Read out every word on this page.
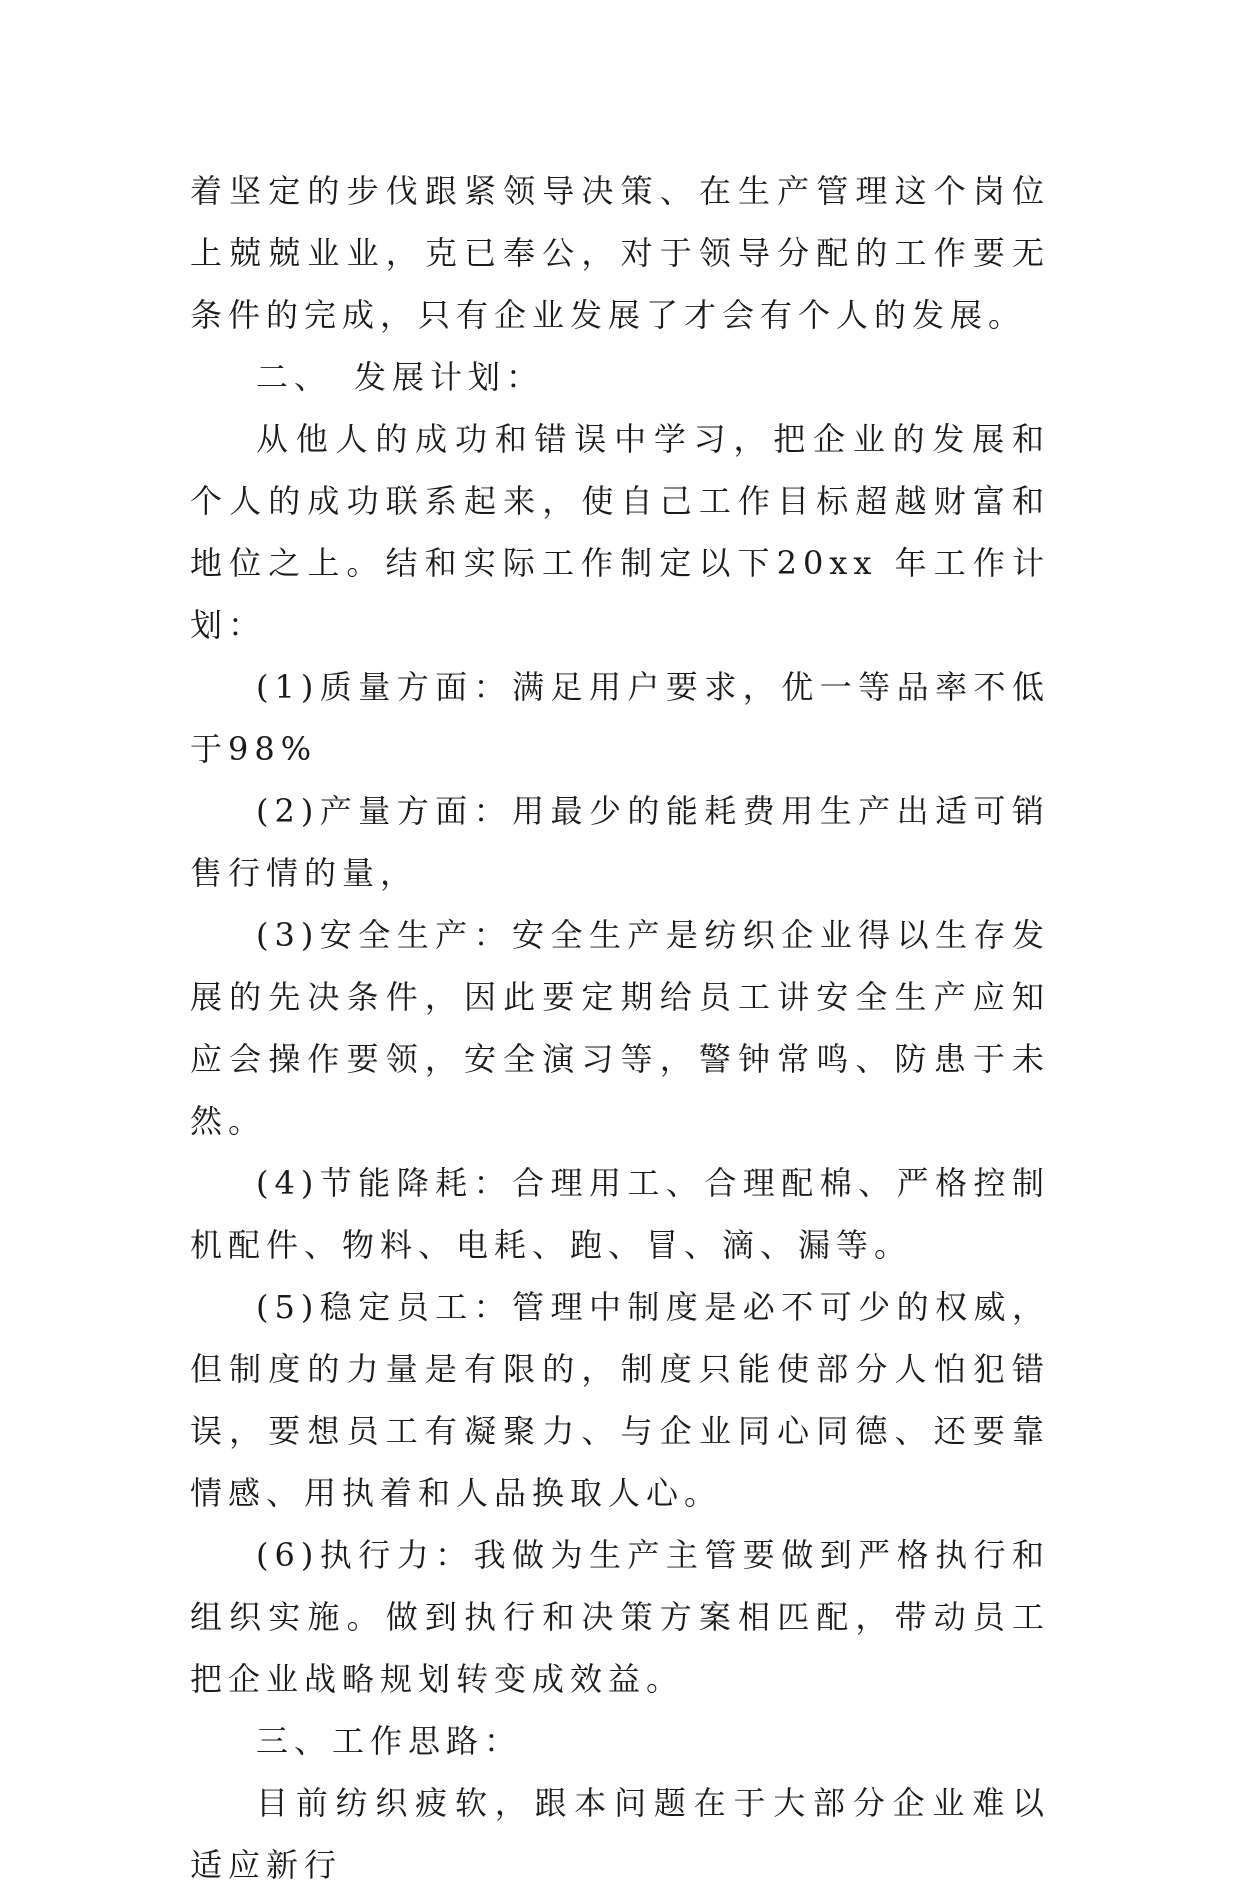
着坚定的步伐跟紧领导决策、在生产管理这个岗位上兢兢业业，克已奉公，对于领导分配的工作要无条件的完成，只有企业发展了才会有个人的发展。

二、　发展计划：

从他人的成功和错误中学习，把企业的发展和个人的成功联系起来，使自己工作目标超越财富和地位之上。结和实际工作制定以下20xx 年工作计划：

(1)质量方面：满足用户要求，优一等品率不低于98%

(2)产量方面：用最少的能耗费用生产出适可销售行情的量，

(3)安全生产：安全生产是纺织企业得以生存发展的先决条件，因此要定期给员工讲安全生产应知应会操作要领，安全演习等，警钟常鸣、防患于未然。

(4)节能降耗：合理用工、合理配棉、严格控制机配件、物料、电耗、跑、冒、滴、漏等。

(5)稳定员工：管理中制度是必不可少的权威，但制度的力量是有限的，制度只能使部分人怕犯错误，要想员工有凝聚力、与企业同心同德、还要靠情感、用执着和人品换取人心。

(6)执行力：我做为生产主管要做到严格执行和组织实施。做到执行和决策方案相匹配，带动员工把企业战略规划转变成效益。

三、工作思路：

目前纺织疲软，跟本问题在于大部分企业难以适应新行
